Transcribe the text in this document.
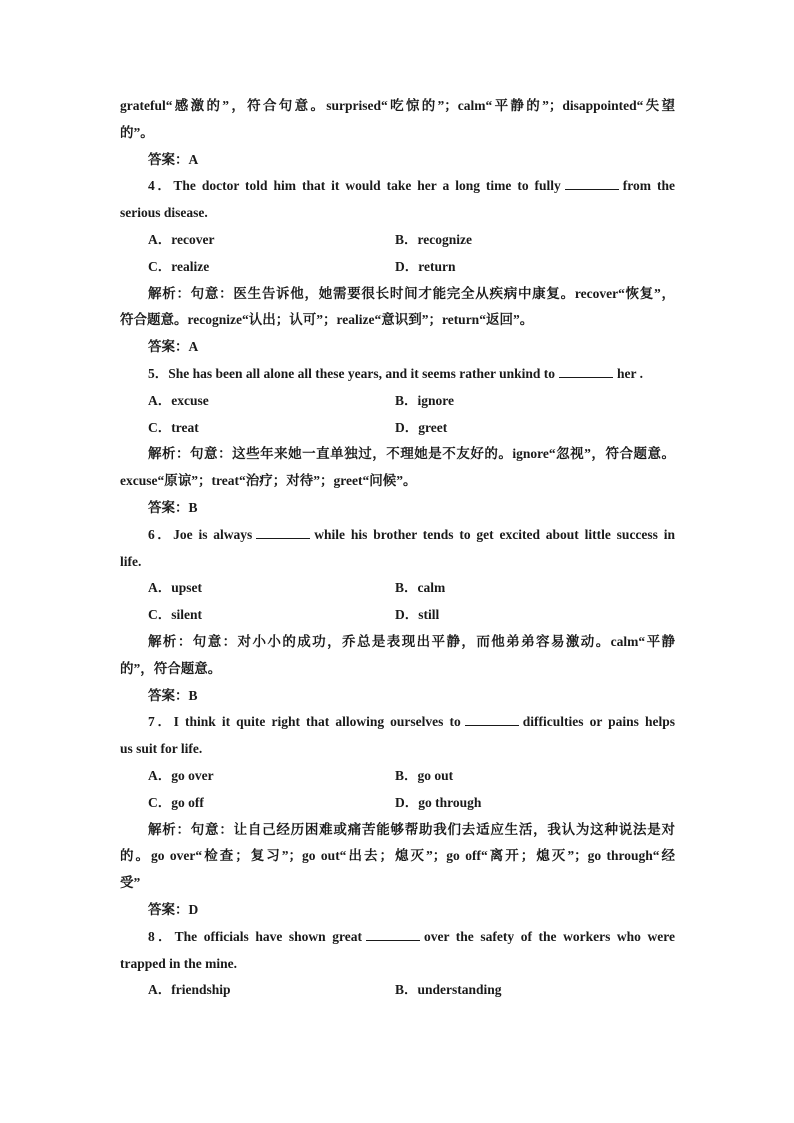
grateful“感激的”，符合句意。surprised“吃惊的”；calm“平静的”；disappointed“失望
的”。
答案：A
4．The doctor told him that it would take her a long time to fully	from the
serious disease.
A．recover	B．recognize
C．realize	D．return
解析：句意：医生告诉他，她需要很长时间才能完全从疾病中康复。recover“恢复”，
符合题意。recognize“认出；认可”；realize“意识到”；return“返回”。
答案：A
5．She has been all alone all these years, and it seems rather unkind to	her .
A．excuse	B．ignore
C．treat	D．greet
解析：句意：这些年来她一直单独过，不理她是不友好的。ignore“忽视”，符合题意。
excuse“原谅”；treat“治疗；对待”；greet“问候”。
答案：B
6．Joe is always	while his brother tends to get excited about little success in
life.
A．upset	B．calm
C．silent	D．still
解析：句意：对小小的成功，乔总是表现出平静，而他弟弟容易激动。calm“平静
的”，符合题意。
答案：B
7．I think it quite right that allowing ourselves to	difficulties or pains helps
us suit for life.
A．go over	B．go out
C．go off	D．go through
解析：句意：让自己经历困难或痛苦能够帮助我们去适应生活，我认为这种说法是对
的。go over“检查；复习”；go out“出去；熄灭”；go off“离开；熄灭”；go through“经
受”
答案：D
8．The officials have shown great	over the safety of the workers who were
trapped in the mine.
A．friendship	B．understanding
